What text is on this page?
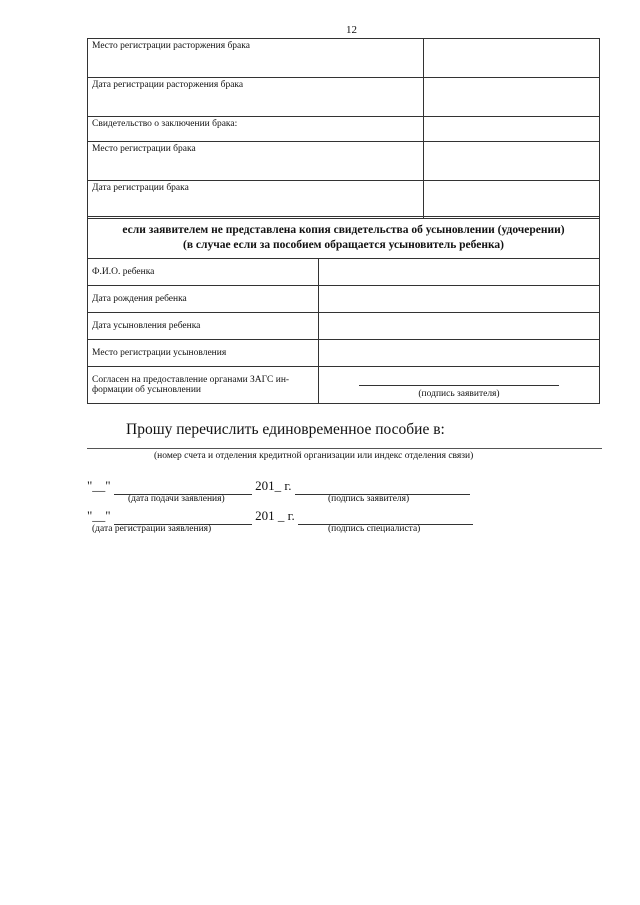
12
Место регистрации расторжения брака	
Дата регистрации расторжения брака	
Свидетельство о заключении брака:	
Место регистрации брака	
Дата регистрации брака	
если заявителем не представлена копия свидетельства об усыновлении (удочерении)
(в случае если за пособием обращается усыновитель ребенка)	

Ф.И.О. ребенка	
Дата рождения ребенка	
Дата усыновления ребенка	
Место регистрации усыновления	
Согласен на предоставление органами ЗАГС ин-формации об усыновлении	(подпись заявителя)
Прошу перечислить единовременное пособие в:
(номер счета и отделения кредитной организации или индекс отделения связи)
"__"	201_ г.
(дата подачи заявления)	(подпись заявителя)
"__"	201 _ г.
(дата регистрации заявления)	(подпись специалиста)
